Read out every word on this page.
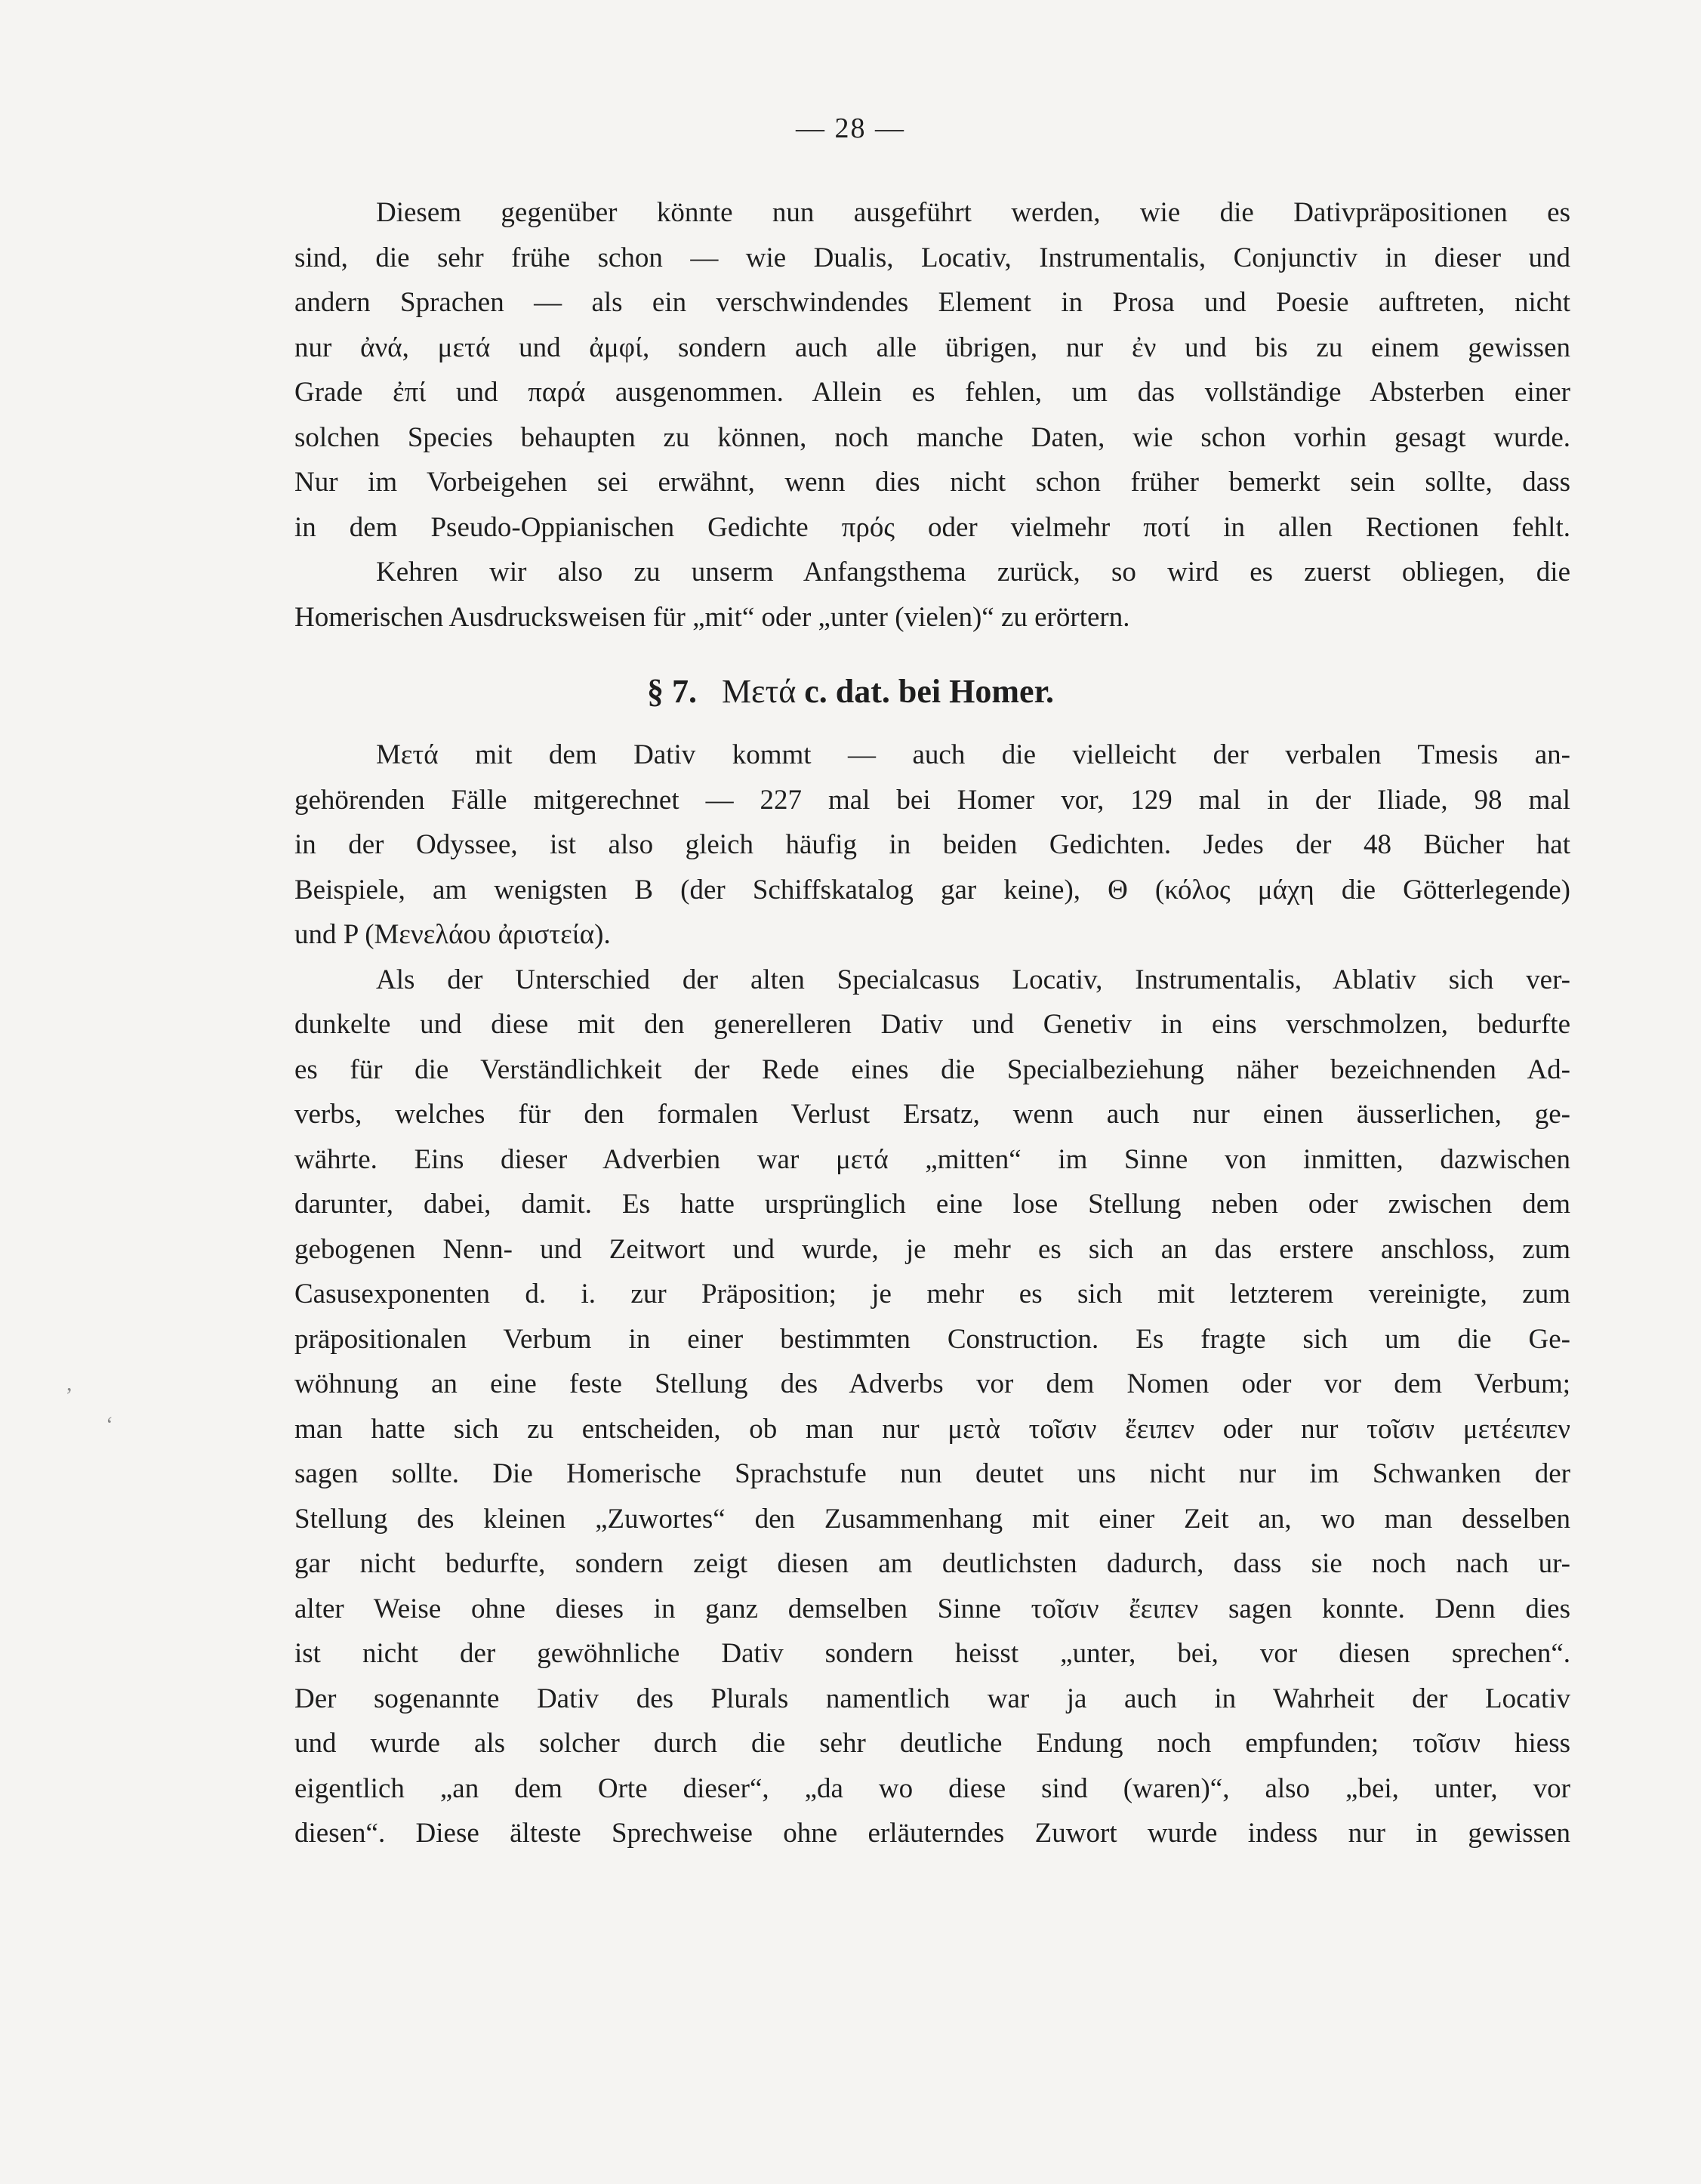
,
‘
— 28 —
Diesem gegenüber könnte nun ausgeführt werden, wie die Dativpräpositionen es
sind, die sehr frühe schon — wie Dualis, Locativ, Instrumentalis, Conjunctiv in dieser und
andern Sprachen — als ein verschwindendes Element in Prosa und Poesie auftreten, nicht
nur ἀνά, μετά und ἀμφί, sondern auch alle übrigen, nur ἐν und bis zu einem gewissen
Grade ἐπί und παρά ausgenommen. Allein es fehlen, um das vollständige Absterben einer
solchen Species behaupten zu können, noch manche Daten, wie schon vorhin gesagt wurde.
Nur im Vorbeigehen sei erwähnt, wenn dies nicht schon früher bemerkt sein sollte, dass
in dem Pseudo-Oppianischen Gedichte πρός oder vielmehr ποτί in allen Rectionen fehlt.
Kehren wir also zu unserm Anfangsthema zurück, so wird es zuerst obliegen, die
Homerischen Ausdrucksweisen für „mit“ oder „unter (vielen)“ zu erörtern.
§ 7. Μετά c. dat. bei Homer.
Μετά mit dem Dativ kommt — auch die vielleicht der verbalen Tmesis an-
gehörenden Fälle mitgerechnet — 227 mal bei Homer vor, 129 mal in der Iliade, 98 mal
in der Odyssee, ist also gleich häufig in beiden Gedichten. Jedes der 48 Bücher hat
Beispiele, am wenigsten B (der Schiffskatalog gar keine), Θ (κόλος μάχη die Götterlegende)
und P (Μενελάου ἀριστεία).
Als der Unterschied der alten Specialcasus Locativ, Instrumentalis, Ablativ sich ver-
dunkelte und diese mit den generelleren Dativ und Genetiv in eins verschmolzen, bedurfte
es für die Verständlichkeit der Rede eines die Specialbeziehung näher bezeichnenden Ad-
verbs, welches für den formalen Verlust Ersatz, wenn auch nur einen äusserlichen, ge-
währte. Eins dieser Adverbien war μετά „mitten“ im Sinne von inmitten, dazwischen
darunter, dabei, damit. Es hatte ursprünglich eine lose Stellung neben oder zwischen dem
gebogenen Nenn- und Zeitwort und wurde, je mehr es sich an das erstere anschloss, zum
Casusexponenten d. i. zur Präposition; je mehr es sich mit letzterem vereinigte, zum
präpositionalen Verbum in einer bestimmten Construction. Es fragte sich um die Ge-
wöhnung an eine feste Stellung des Adverbs vor dem Nomen oder vor dem Verbum;
man hatte sich zu entscheiden, ob man nur μετὰ τοῖσιν ἔειπεν oder nur τοῖσιν μετέειπεν
sagen sollte. Die Homerische Sprachstufe nun deutet uns nicht nur im Schwanken der
Stellung des kleinen „Zuwortes“ den Zusammenhang mit einer Zeit an, wo man desselben
gar nicht bedurfte, sondern zeigt diesen am deutlichsten dadurch, dass sie noch nach ur-
alter Weise ohne dieses in ganz demselben Sinne τοῖσιν ἔειπεν sagen konnte. Denn dies
ist nicht der gewöhnliche Dativ sondern heisst „unter, bei, vor diesen sprechen“.
Der sogenannte Dativ des Plurals namentlich war ja auch in Wahrheit der Locativ
und wurde als solcher durch die sehr deutliche Endung noch empfunden; τοῖσιν hiess
eigentlich „an dem Orte dieser“, „da wo diese sind (waren)“, also „bei, unter, vor
diesen“. Diese älteste Sprechweise ohne erläuterndes Zuwort wurde indess nur in gewissen
